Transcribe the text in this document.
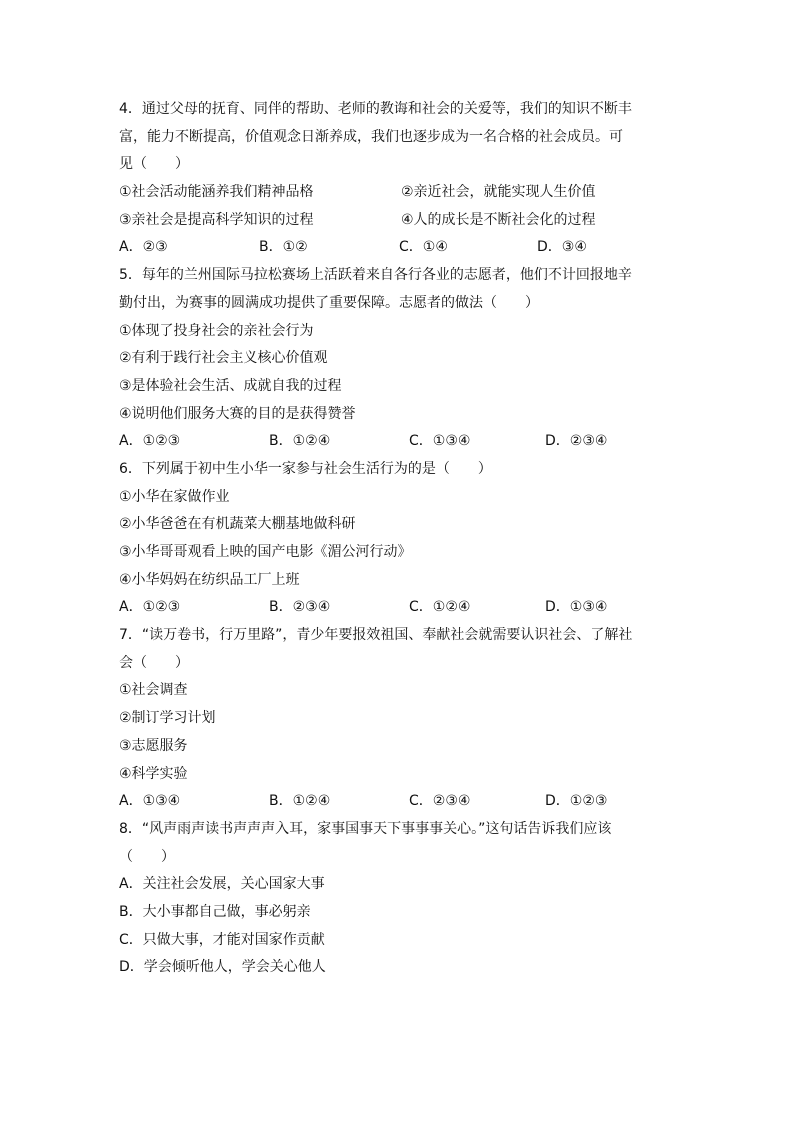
4．通过父母的抚育、同伴的帮助、老师的教诲和社会的关爱等，我们的知识不断丰
富，能力不断提高，价值观念日渐养成，我们也逐步成为一名合格的社会成员。可
见（　　）
①社会活动能涵养我们精神品格	②亲近社会，就能实现人生价值
③亲社会是提高科学知识的过程	④人的成长是不断社会化的过程
A．②③	B．①②	C．①④	D．③④
5．每年的兰州国际马拉松赛场上活跃着来自各行各业的志愿者，他们不计回报地辛
勤付出，为赛事的圆满成功提供了重要保障。志愿者的做法（　　）
①体现了投身社会的亲社会行为
②有利于践行社会主义核心价值观
③是体验社会生活、成就自我的过程
④说明他们服务大赛的目的是获得赞誉
A．①②③	B．①②④	C．①③④	D．②③④
6．下列属于初中生小华一家参与社会生活行为的是（　　）
①小华在家做作业
②小华爸爸在有机蔬菜大棚基地做科研
③小华哥哥观看上映的国产电影《湄公河行动》
④小华妈妈在纺织品工厂上班
A．①②③	B．②③④	C．①②④	D．①③④
7．“读万卷书，行万里路”，青少年要报效祖国、奉献社会就需要认识社会、了解社
会（　　）
①社会调查
②制订学习计划
③志愿服务
④科学实验
A．①③④	B．①②④	C．②③④	D．①②③
8．“风声雨声读书声声声入耳，家事国事天下事事事关心。”这句话告诉我们应该
（　　）
A．关注社会发展，关心国家大事
B．大小事都自己做，事必躬亲
C．只做大事，才能对国家作贡献
D．学会倾听他人，学会关心他人
